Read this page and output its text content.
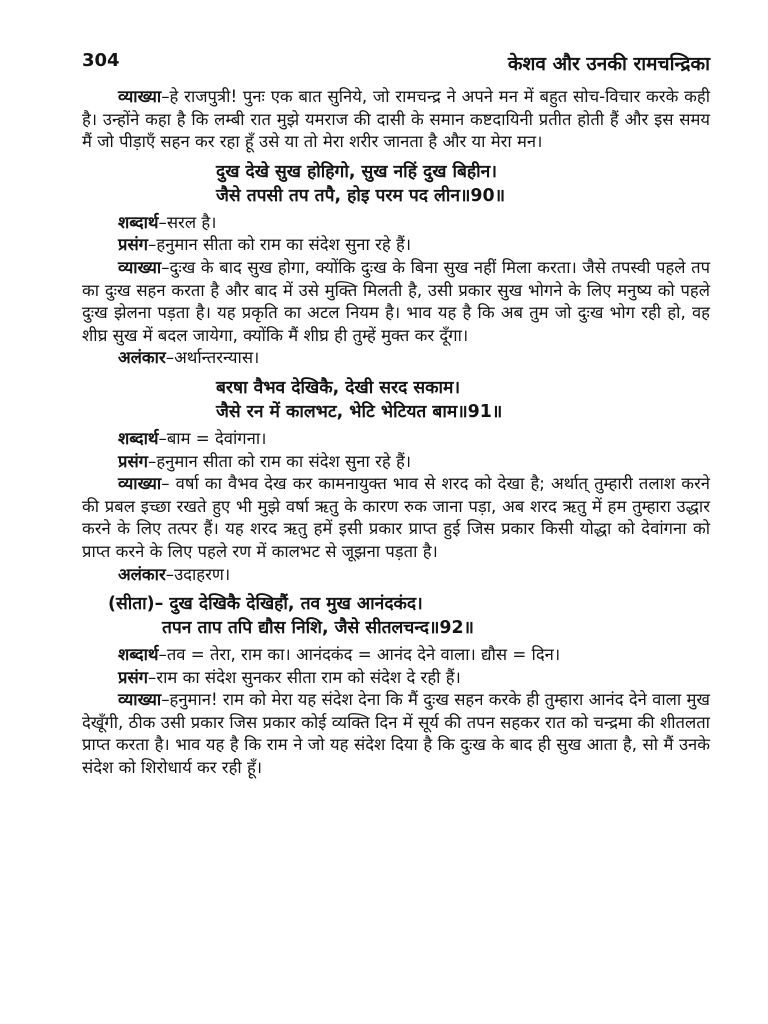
304	केशव और उनकी रामचन्द्रिका

व्याख्या–हे राजपुत्री! पुनः एक बात सुनिये, जो रामचन्द्र ने अपने मन में बहुत सोच-विचार करके कही है। उन्होंने कहा है कि लम्बी रात मुझे यमराज की दासी के समान कष्टदायिनी प्रतीत होती हैं और इस समय मैं जो पीड़ाएँ सहन कर रहा हूँ उसे या तो मेरा शरीर जानता है और या मेरा मन।

दुख देखे सुख होहिगो, सुख नहिं दुख बिहीन।
जैसे तपसी तप तपै, होइ परम पद लीन॥90॥

शब्दार्थ–सरल है।

प्रसंग–हनुमान सीता को राम का संदेश सुना रहे हैं।

व्याख्या–दुःख के बाद सुख होगा, क्योंकि दुःख के बिना सुख नहीं मिला करता। जैसे तपस्वी पहले तप का दुःख सहन करता है और बाद में उसे मुक्ति मिलती है, उसी प्रकार सुख भोगने के लिए मनुष्य को पहले दुःख झेलना पड़ता है। यह प्रकृति का अटल नियम है। भाव यह है कि अब तुम जो दुःख भोग रही हो, वह शीघ्र सुख में बदल जायेगा, क्योंकि मैं शीघ्र ही तुम्हें मुक्त कर दूँगा।

अलंकार–अर्थान्तरन्यास।

बरषा वैभव देखिकै, देखी सरद सकाम।
जैसे रन में कालभट, भेटि भेटियत बाम॥91॥

शब्दार्थ–बाम = देवांगना।

प्रसंग–हनुमान सीता को राम का संदेश सुना रहे हैं।

व्याख्या– वर्षा का वैभव देख कर कामनायुक्त भाव से शरद को देखा है; अर्थात् तुम्हारी तलाश करने की प्रबल इच्छा रखते हुए भी मुझे वर्षा ऋतु के कारण रुक जाना पड़ा, अब शरद ऋतु में हम तुम्हारा उद्धार करने के लिए तत्पर हैं। यह शरद ऋतु हमें इसी प्रकार प्राप्त हुई जिस प्रकार किसी योद्धा को देवांगना को प्राप्त करने के लिए पहले रण में कालभट से जूझना पड़ता है।

अलंकार–उदाहरण।

(सीता)– दुख देखिकै देखिहौं, तव मुख आनंदकंद।
तपन ताप तपि द्यौस निशि, जैसे सीतलचन्द॥92॥

शब्दार्थ–तव = तेरा, राम का। आनंदकंद = आनंद देने वाला। द्यौस = दिन।

प्रसंग–राम का संदेश सुनकर सीता राम को संदेश दे रही हैं।

व्याख्या–हनुमान! राम को मेरा यह संदेश देना कि मैं दुःख सहन करके ही तुम्हारा आनंद देने वाला मुख देखूँगी, ठीक उसी प्रकार जिस प्रकार कोई व्यक्ति दिन में सूर्य की तपन सहकर रात को चन्द्रमा की शीतलता प्राप्त करता है। भाव यह है कि राम ने जो यह संदेश दिया है कि दुःख के बाद ही सुख आता है, सो मैं उनके संदेश को शिरोधार्य कर रही हूँ।
